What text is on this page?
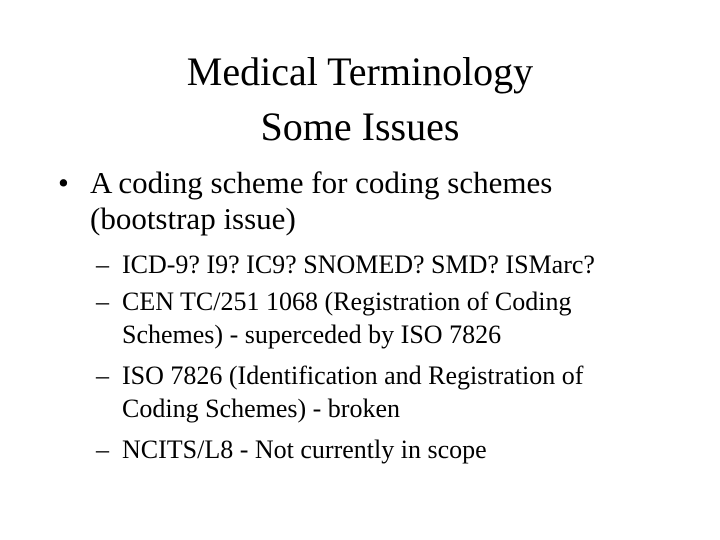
Medical Terminology
Some Issues
• A coding scheme for coding schemes
(bootstrap issue)
– ICD-9? I9? IC9? SNOMED? SMD? ISMarc?
– CEN TC/251 1068 (Registration of Coding
Schemes) - superceded by ISO 7826
– ISO 7826 (Identification and Registration of
Coding Schemes) - broken
– NCITS/L8 - Not currently in scope
